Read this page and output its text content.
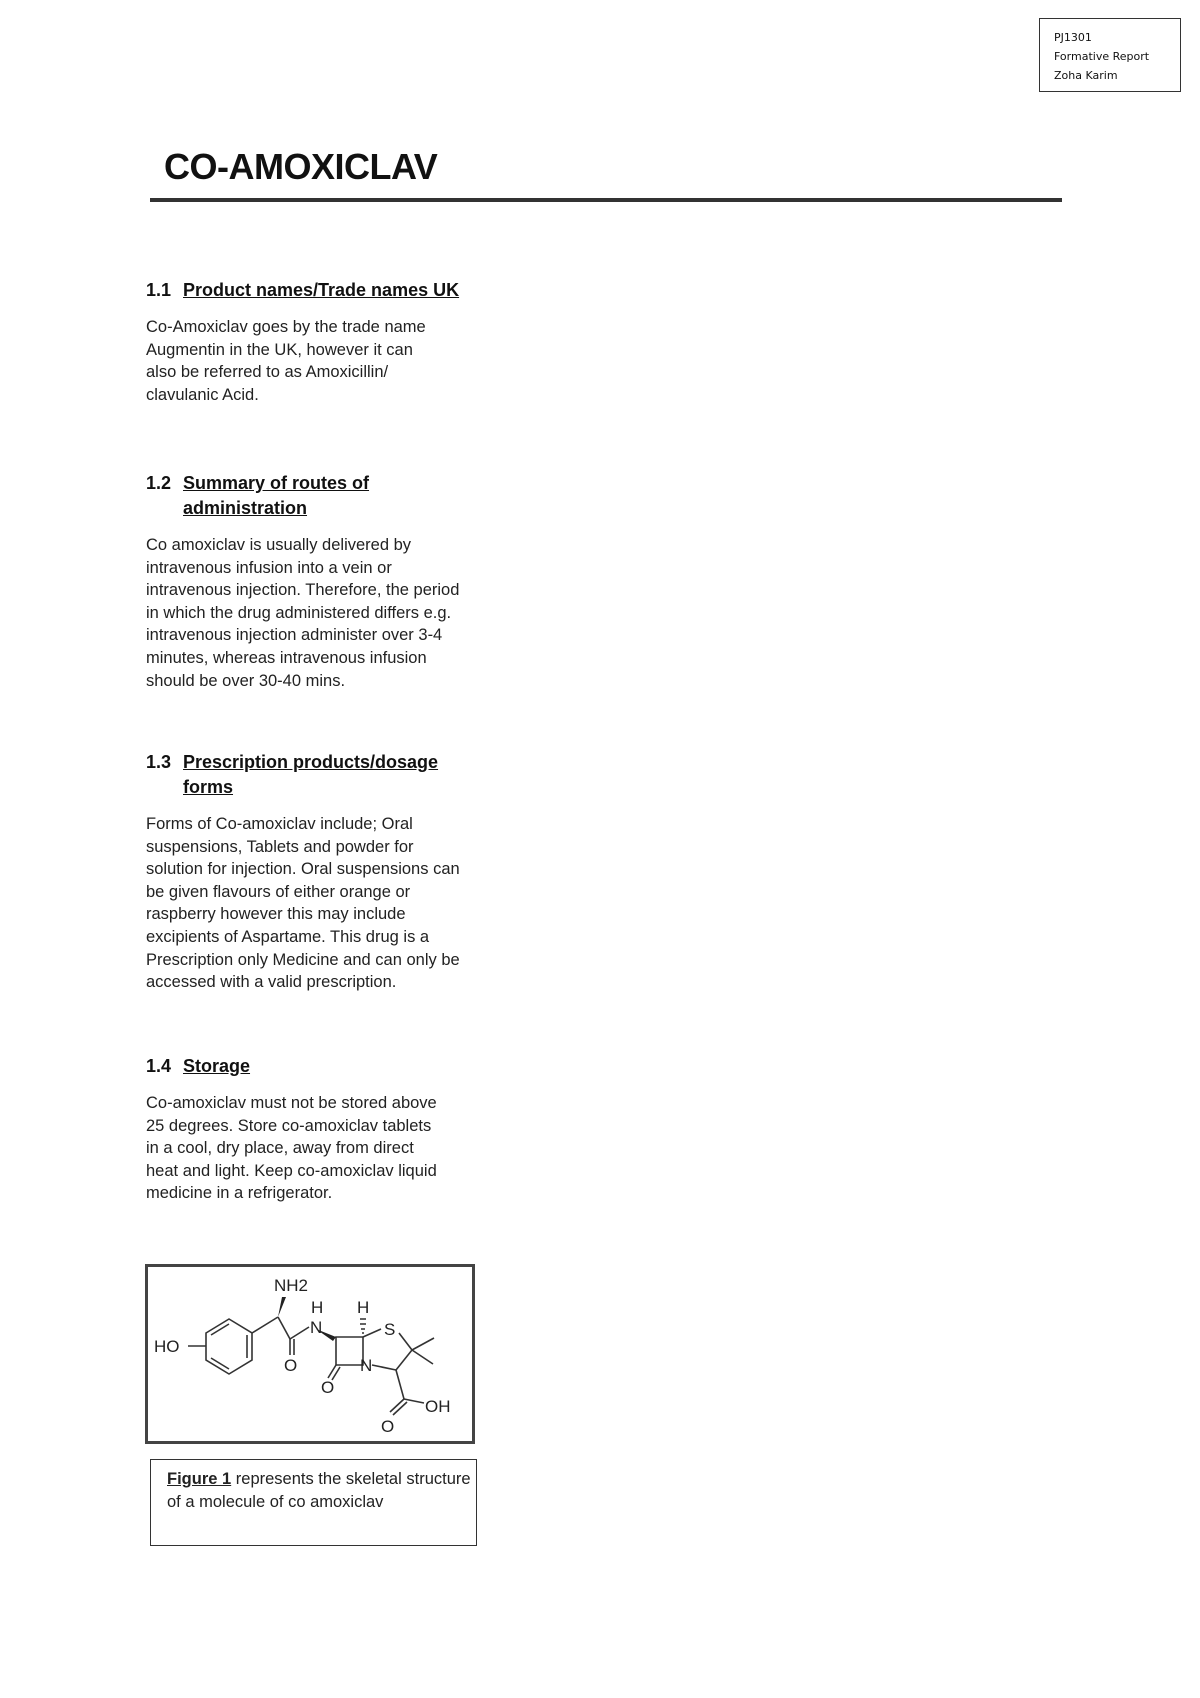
PJ1301
Formative Report
Zoha Karim
CO-AMOXICLAV
1.1 Product names/Trade names UK
Co-Amoxiclav goes by the trade name
Augmentin in the UK, however it can
also be referred to as Amoxicillin/
clavulanic Acid.
1.2 Summary of routes of administration
Co amoxiclav is usually delivered by
intravenous infusion into a vein or
intravenous injection. Therefore, the period
in which the drug administered differs e.g.
intravenous injection administer over 3-4
minutes, whereas intravenous infusion
should be over 30-40 mins.
1.3 Prescription products/dosage forms
Forms of Co-amoxiclav include; Oral
suspensions, Tablets and powder for
solution for injection. Oral suspensions can
be given flavours of either orange or
raspberry however this may include
excipients of Aspartame. This drug is a
Prescription only Medicine and can only be
accessed with a valid prescription.
1.4 Storage
Co-amoxiclav must not be stored above
25 degrees. Store co-amoxiclav tablets
in a cool, dry place, away from direct
heat and light. Keep co-amoxiclav liquid
medicine in a refrigerator.
NH2
H
N
H
S
N
HO
O
O
O
OH
Figure 1 represents the skeletal structure of a molecule of co amoxiclav
